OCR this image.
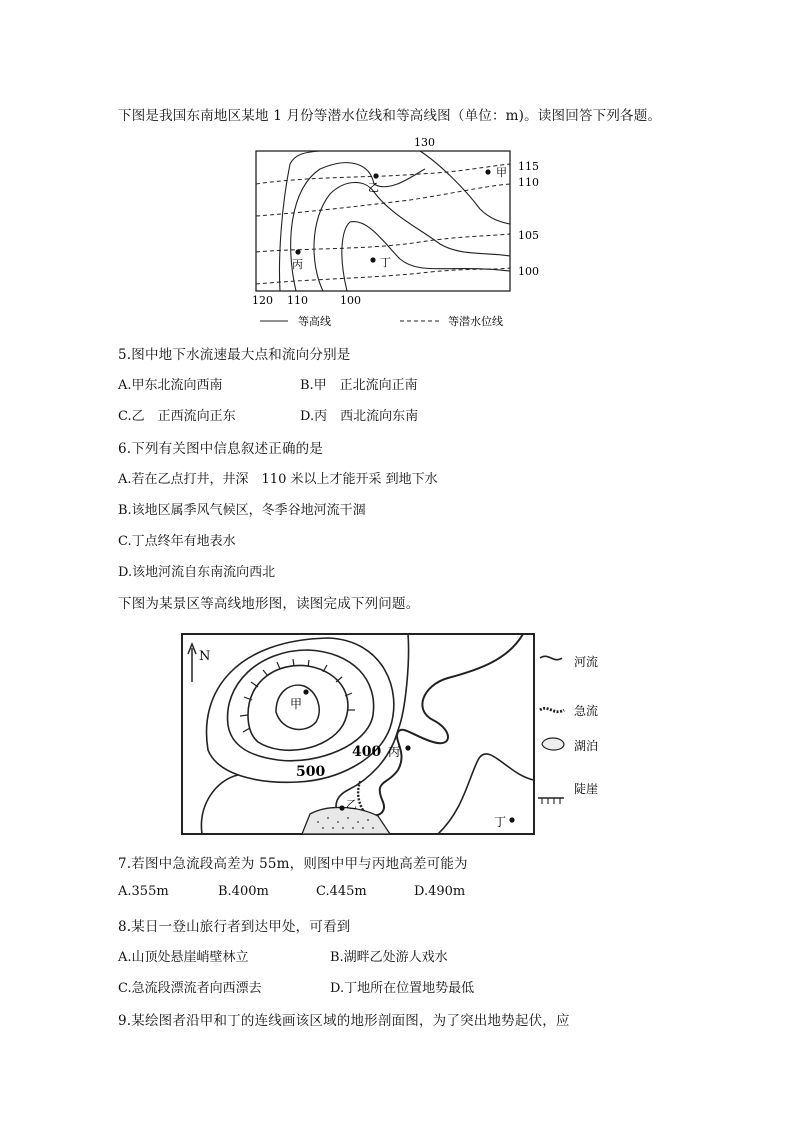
下图是我国东南地区某地 1 月份等潜水位线和等高线图（单位：m)。读图回答下列各题。
乙
甲
丙	丁
130
115
110
105
100
120 110	100
等高线	等潜水位线
5.图中地下水流速最大点和流向分别是
A.甲东北流向西南	B.甲　正北流向正南
C.乙　正西流向正东	D.丙　西北流向东南
6.下列有关图中信息叙述正确的是
A.若在乙点打井，井深　110 米以上才能开采 到地下水
B.该地区属季风气候区，冬季谷地河流干涸
C.丁点终年有地表水
D.该地河流自东南流向西北
下图为某景区等高线地形图，读图完成下列问题。
N
甲
丙
乙
丁
400
500
河流
急流
湖泊
陡崖
7.若图中急流段高差为 55m，则图中甲与丙地高差可能为
A.355m	B.400m	C.445m	D.490m
8.某日一登山旅行者到达甲处，可看到
A.山顶处悬崖峭壁林立	B.湖畔乙处游人戏水
C.急流段漂流者向西漂去	D.丁地所在位置地势最低
9.某绘图者沿甲和丁的连线画该区域的地形剖面图，为了突出地势起伏，应
